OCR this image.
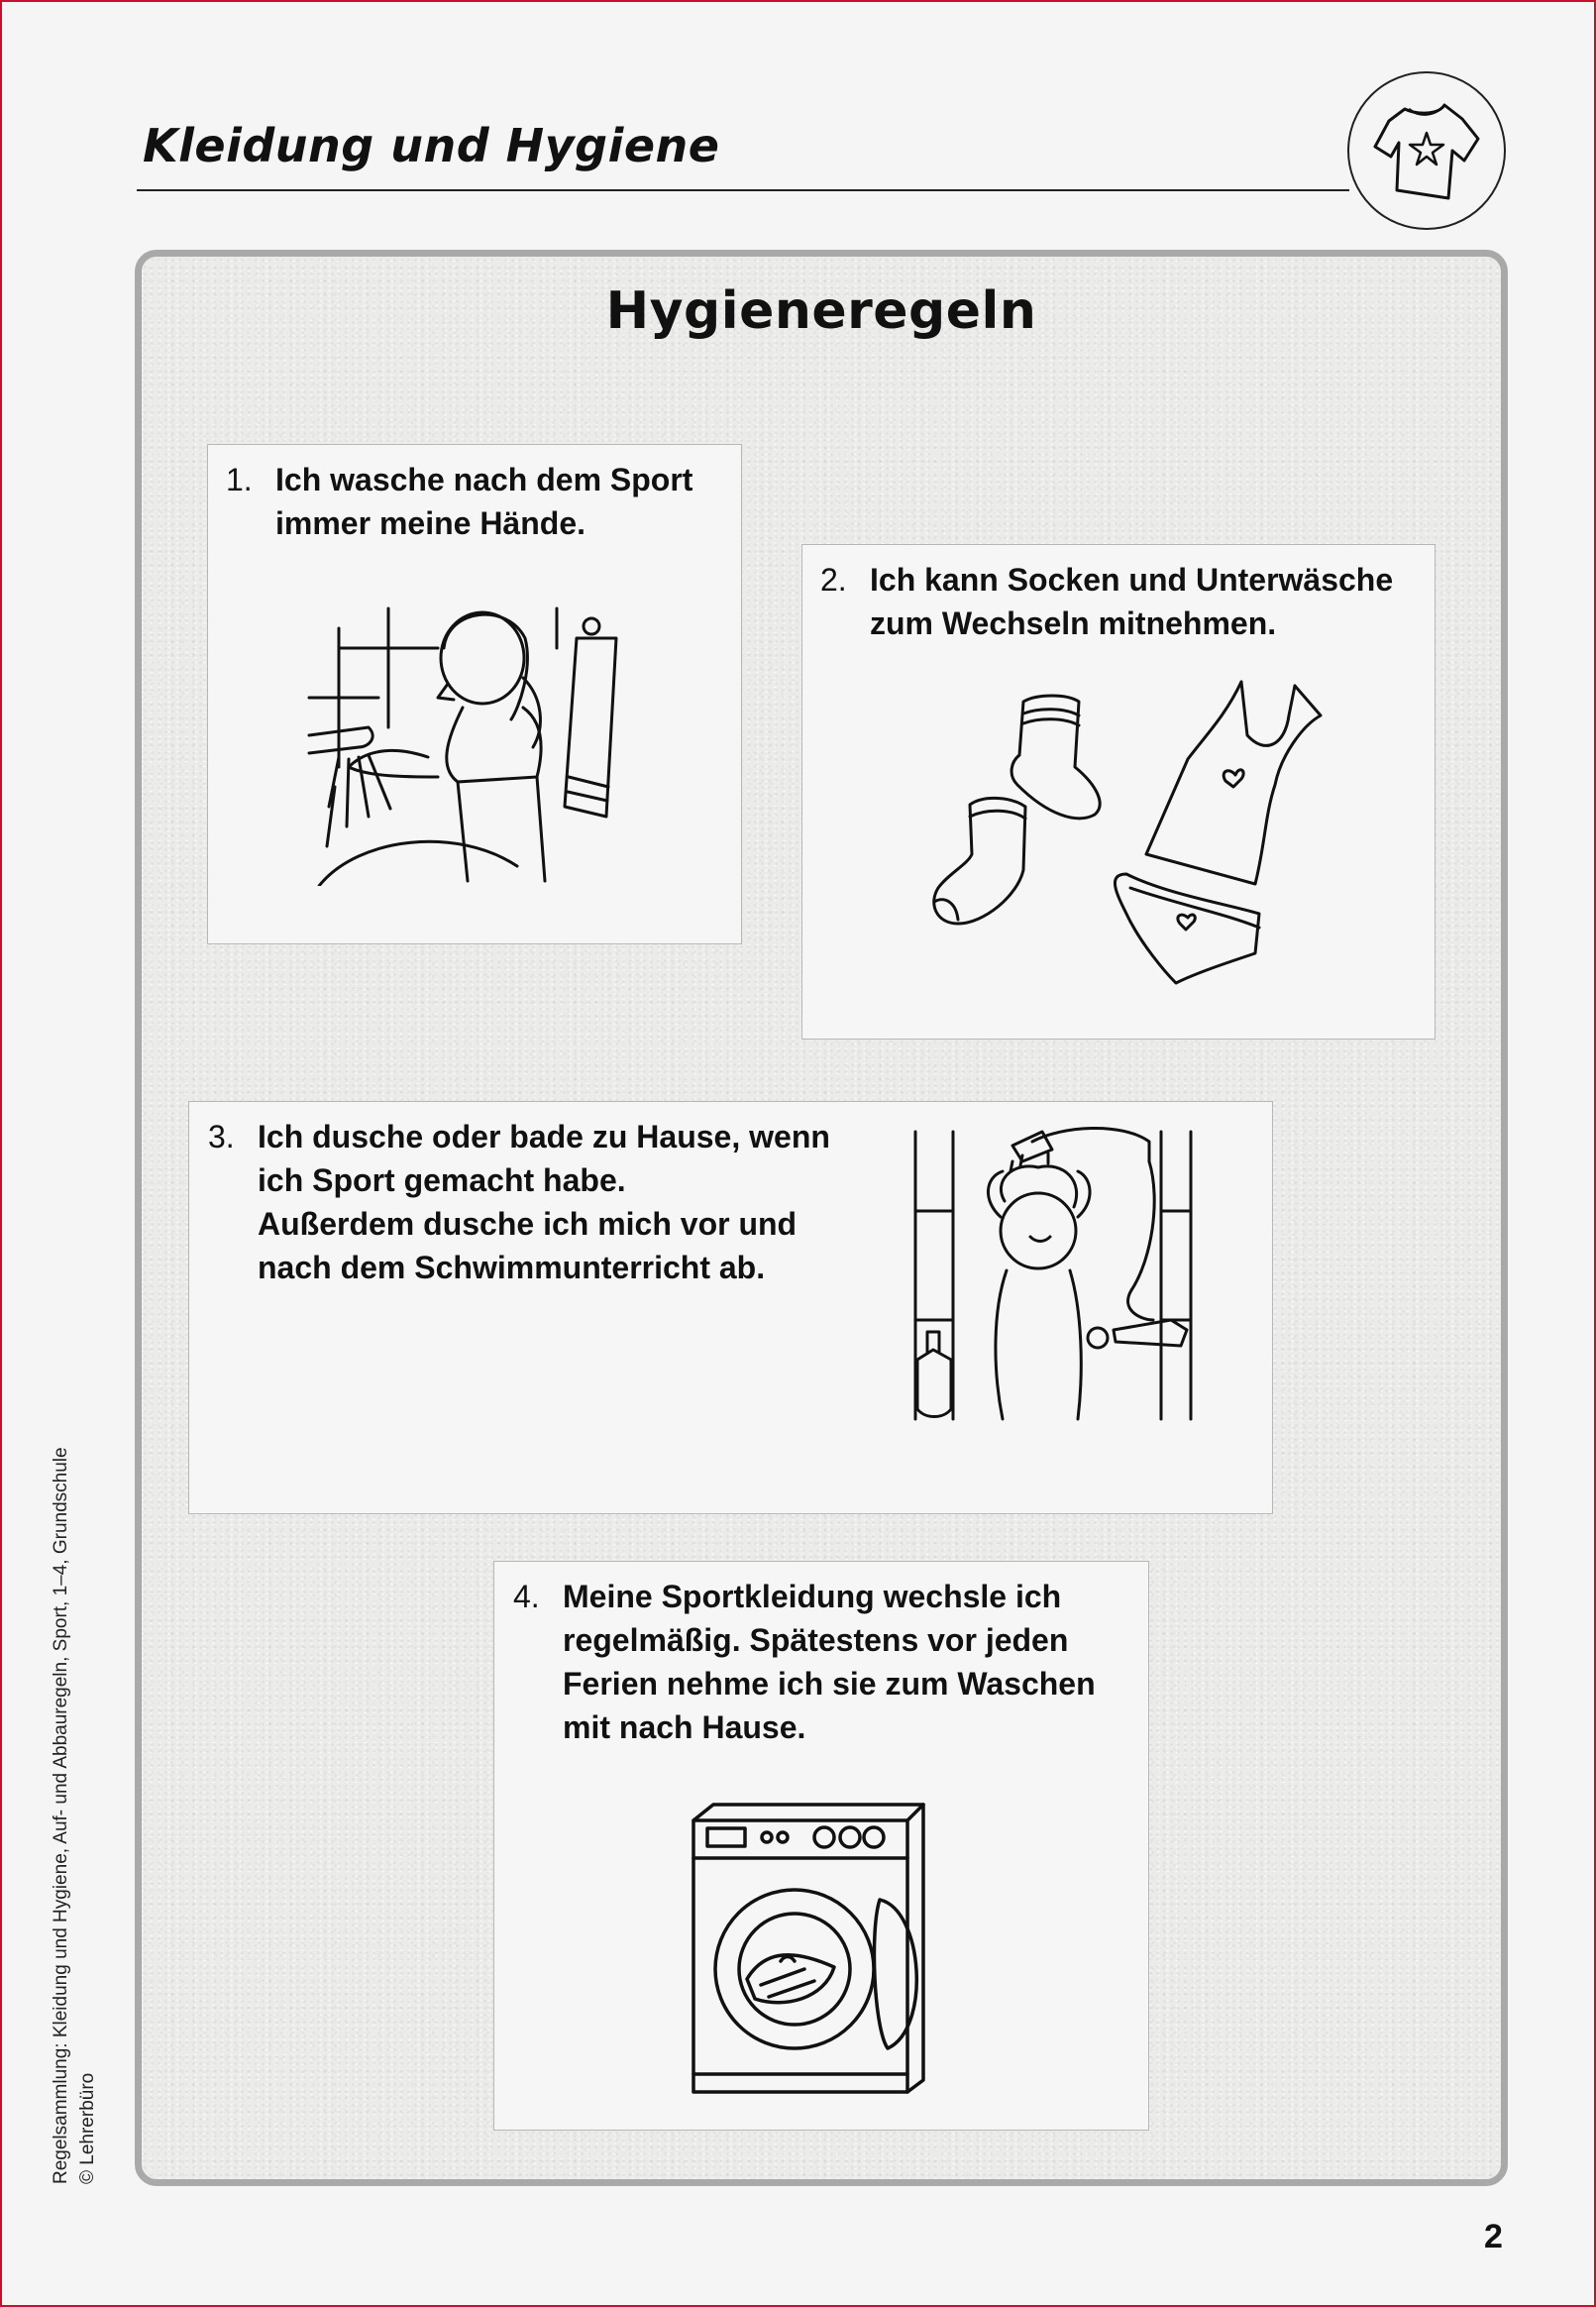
Kleidung und Hygiene
Hygieneregeln
1. Ich wasche nach dem Sport
immer meine Hände.
2. Ich kann Socken und Unterwäsche
zum Wechseln mitnehmen.
3. Ich dusche oder bade zu Hause, wenn
ich Sport gemacht habe.
Außerdem dusche ich mich vor und
nach dem Schwimmunterricht ab.
4. Meine Sportkleidung wechsle ich
regelmäßig. Spätestens vor jeden
Ferien nehme ich sie zum Waschen
mit nach Hause.
Regelsammlung: Kleidung und Hygiene, Auf- und Abbauregeln, Sport, 1–4, Grundschule © Lehrerbüro
2
